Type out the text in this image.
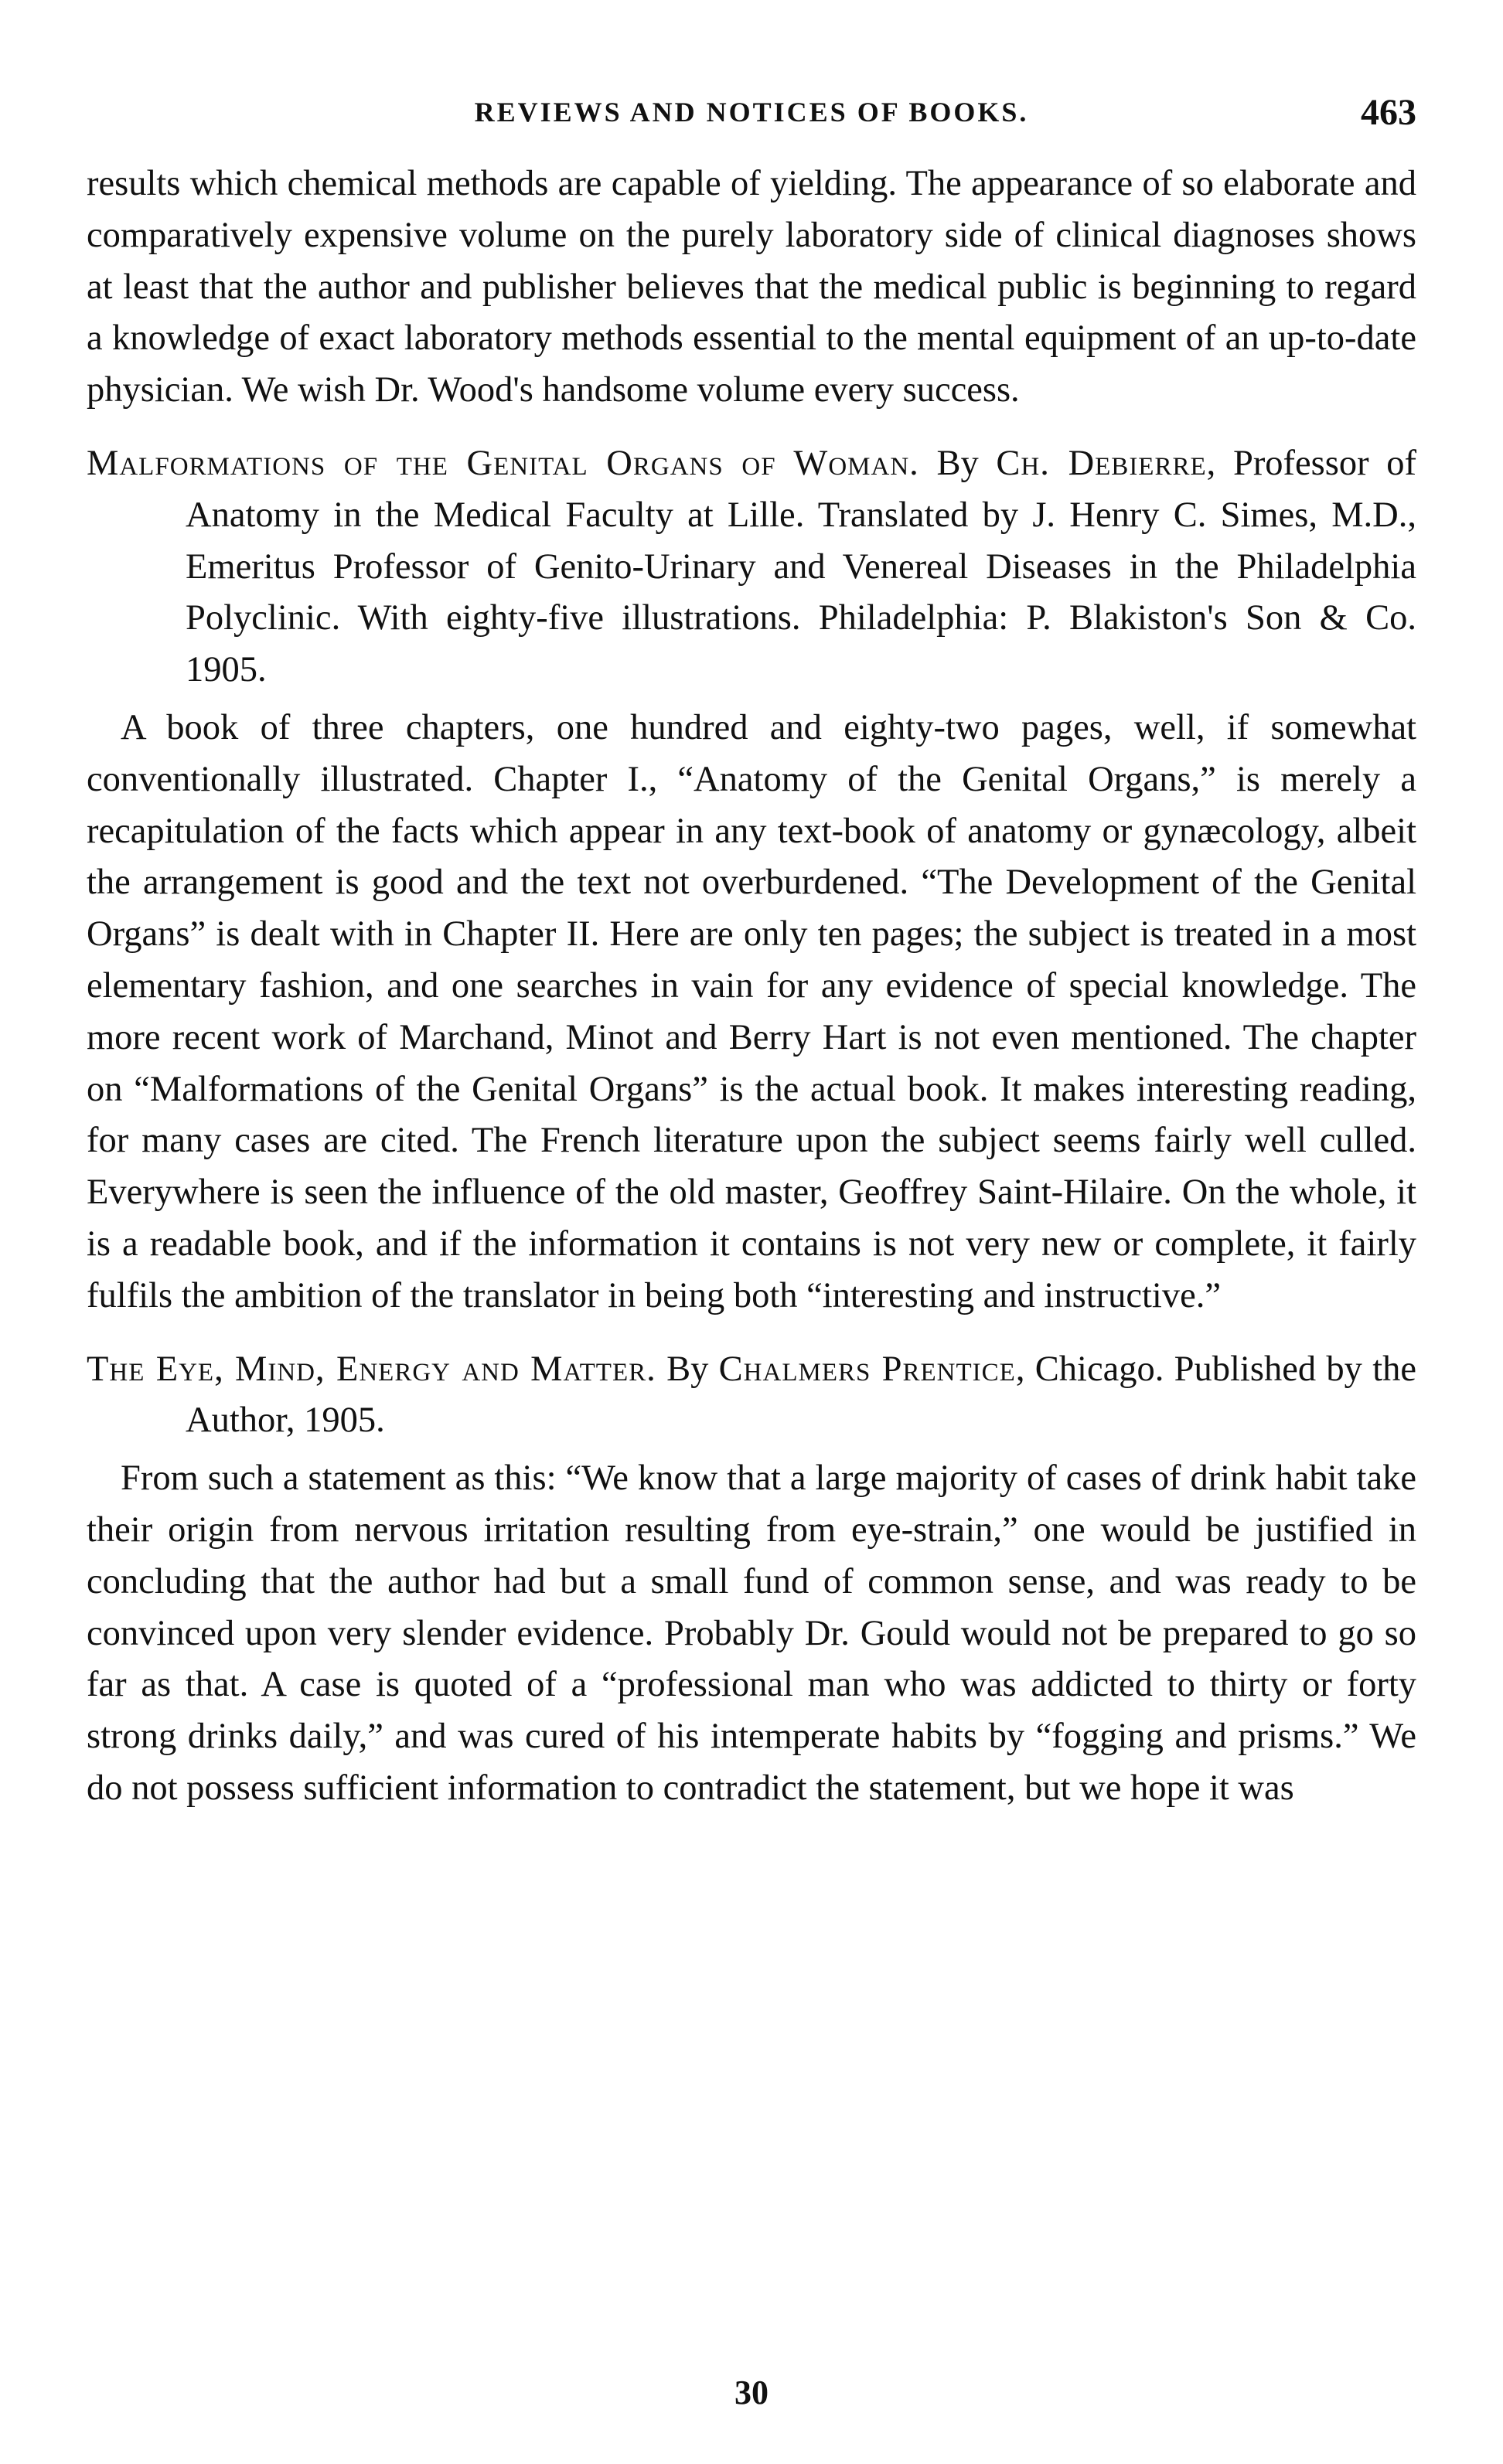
REVIEWS AND NOTICES OF BOOKS.	463

results which chemical methods are capable of yielding. The appearance of so elaborate and comparatively expensive volume on the purely laboratory side of clinical diagnoses shows at least that the author and publisher believes that the medical public is beginning to regard a knowledge of exact laboratory methods essential to the mental equipment of an up-to-date physician. We wish Dr. Wood's handsome volume every success.

Malformations of the Genital Organs of Woman. By Ch. Debierre, Professor of Anatomy in the Medical Faculty at Lille. Translated by J. Henry C. Simes, M.D., Emeritus Professor of Genito-Urinary and Venereal Diseases in the Philadelphia Polyclinic. With eighty-five illustrations. Philadelphia: P. Blakiston's Son & Co. 1905.

A book of three chapters, one hundred and eighty-two pages, well, if somewhat conventionally illustrated. Chapter I., “Anatomy of the Genital Organs,” is merely a recapitulation of the facts which appear in any text-book of anatomy or gynæcology, albeit the arrangement is good and the text not overburdened. “The Development of the Genital Organs” is dealt with in Chapter II. Here are only ten pages; the subject is treated in a most elementary fashion, and one searches in vain for any evidence of special knowledge. The more recent work of Marchand, Minot and Berry Hart is not even mentioned. The chapter on “Malformations of the Genital Organs” is the actual book. It makes interesting reading, for many cases are cited. The French literature upon the subject seems fairly well culled. Everywhere is seen the influence of the old master, Geoffrey Saint-Hilaire. On the whole, it is a readable book, and if the information it contains is not very new or complete, it fairly fulfils the ambition of the translator in being both “interesting and instructive.”

The Eye, Mind, Energy and Matter. By Chalmers Prentice, Chicago. Published by the Author, 1905.

From such a statement as this: “We know that a large majority of cases of drink habit take their origin from nervous irritation resulting from eye-strain,” one would be justified in concluding that the author had but a small fund of common sense, and was ready to be convinced upon very slender evidence. Probably Dr. Gould would not be prepared to go so far as that. A case is quoted of a “professional man who was addicted to thirty or forty strong drinks daily,” and was cured of his intemperate habits by “fogging and prisms.” We do not possess sufficient information to contradict the statement, but we hope it was

30
